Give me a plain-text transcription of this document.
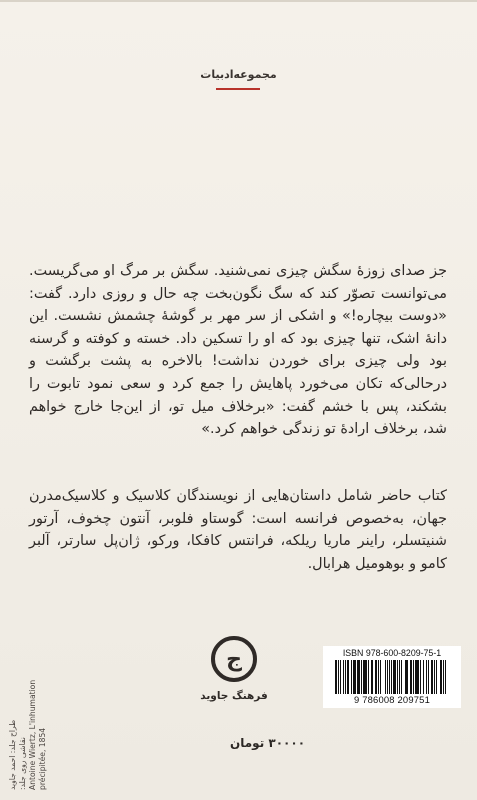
مجموعه‌ادبیات

جز صدای زوزهٔ سگش چیزی نمی‌شنید. سگش بر مرگ او می‌گریست. می‌توانست تصوّر کند که سگ نگون‌بخت چه حال و روزی دارد. گفت: «دوست بیچاره!» و اشکی از سر مهر بر گوشهٔ چشمش نشست. این دانهٔ اشک، تنها چیزی بود که او را تسکین داد. خسته و کوفته و گرسنه بود ولی چیزی برای خوردن نداشت! بالاخره به پشت برگشت و درحالی‌که تکان می‌خورد پاهایش را جمع کرد و سعی نمود تابوت را بشکند، پس با خشم گفت: «برخلاف میل تو، از این‌جا خارج خواهم شد، برخلاف ارادهٔ تو زندگی خواهم کرد.»

کتاب حاضر شامل داستان‌هایی از نویسندگان کلاسیک و کلاسیک‌مدرن جهان، به‌خصوص فرانسه است: گوستاو فلوبر، آنتون چخوف، آرتور شنیتسلر، راینر ماریا ریلکه، فرانتس کافکا، ورکو، ژان‌پل سارتر، آلبر کامو و بوهومیل هرابال.

طراح جلد: احمد جاوید نقاشی روی جلد: Antoine Wiertz, L'inhumation précipitée, 1854
ج
فرهنگ جاوید
۳۰۰۰۰ تومان
ISBN 978-600-8209-75-1
9 786008 209751
